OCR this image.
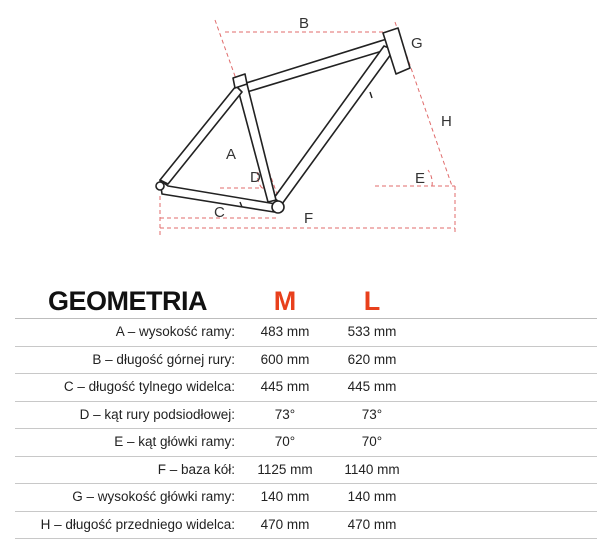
B
G
H
A
D	E
C	F
GEOMETRIA	M	L
A – wysokość ramy:	483 mm	533 mm
B – długość górnej rury:	600 mm	620 mm
C – długość tylnego widelca:	445 mm	445 mm
D – kąt rury podsiodłowej:	73°	73°
E – kąt główki ramy:	70°	70°
F – baza kół:	1125 mm	1140 mm
G – wysokość główki ramy:	140 mm	140 mm
H – długość przedniego widelca:	470 mm	470 mm
